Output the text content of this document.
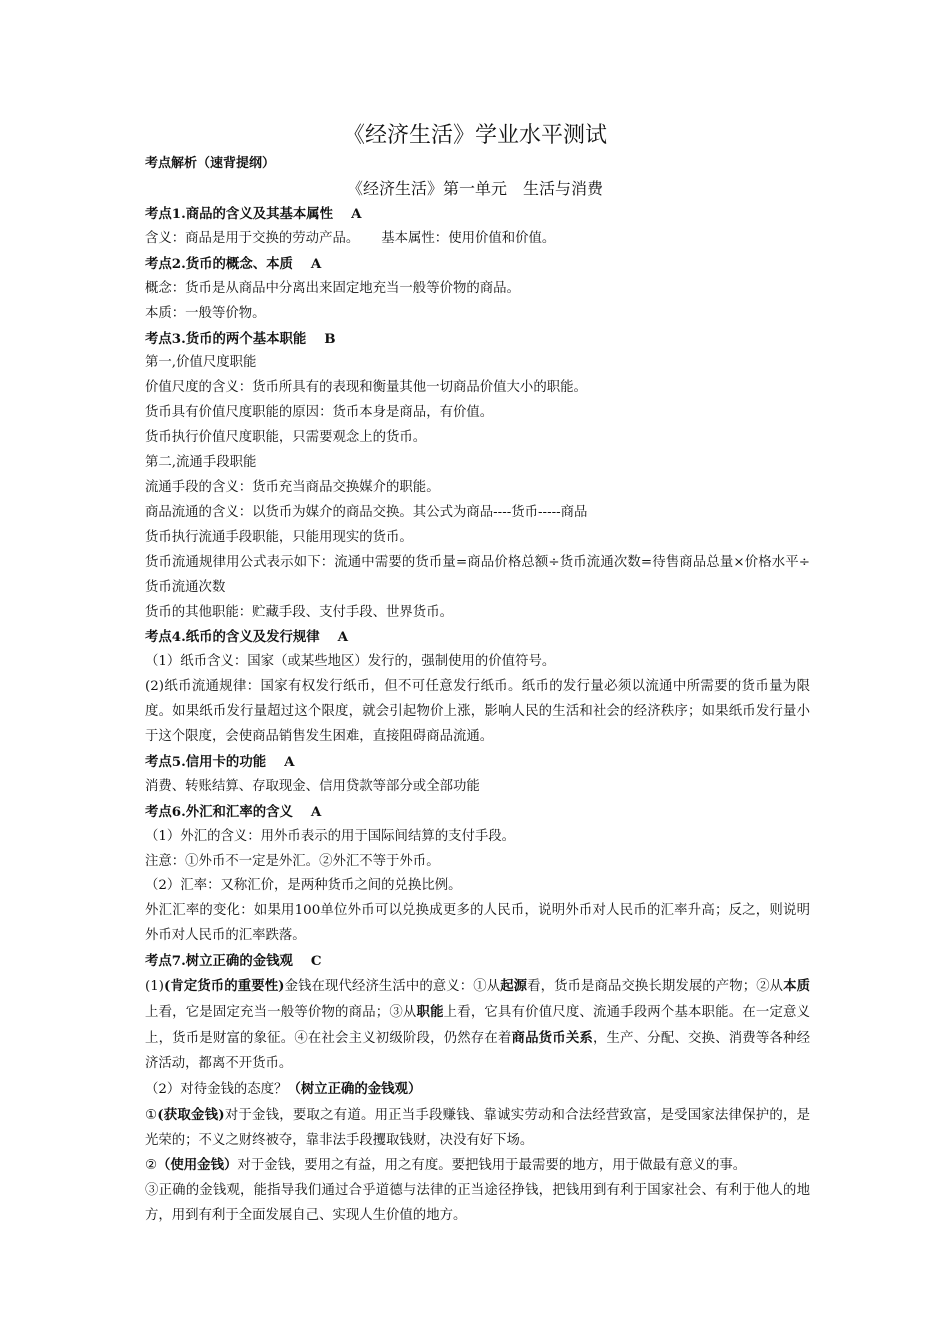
《经济生活》学业水平测试
考点解析（速背提纲）
《经济生活》第一单元　生活与消费

考点1.商品的含义及其基本属性 A

含义：商品是用于交换的劳动产品。 基本属性：使用价值和价值。

考点2.货币的概念、本质 A

概念：货币是从商品中分离出来固定地充当一般等价物的商品。

本质：一般等价物。

考点3.货币的两个基本职能 B

第一,价值尺度职能

价值尺度的含义：货币所具有的表现和衡量其他一切商品价值大小的职能。

货币具有价值尺度职能的原因：货币本身是商品，有价值。

货币执行价值尺度职能，只需要观念上的货币。

第二,流通手段职能

流通手段的含义：货币充当商品交换媒介的职能。

商品流通的含义：以货币为媒介的商品交换。其公式为商品----货币-----商品

货币执行流通手段职能，只能用现实的货币。

货币流通规律用公式表示如下：流通中需要的货币量=商品价格总额÷货币流通次数=待售商品总量×价格水平÷货币流通次数

货币的其他职能：贮藏手段、支付手段、世界货币。

考点4.纸币的含义及发行规律 A

（1）纸币含义：国家（或某些地区）发行的，强制使用的价值符号。

(2)纸币流通规律：国家有权发行纸币，但不可任意发行纸币。纸币的发行量必须以流通中所需要的货币量为限度。如果纸币发行量超过这个限度，就会引起物价上涨，影响人民的生活和社会的经济秩序；如果纸币发行量小于这个限度，会使商品销售发生困难，直接阻碍商品流通。

考点5.信用卡的功能 A

消费、转账结算、存取现金、信用贷款等部分或全部功能

考点6.外汇和汇率的含义 A

（1）外汇的含义：用外币表示的用于国际间结算的支付手段。

注意：①外币不一定是外汇。②外汇不等于外币。

（2）汇率：又称汇价，是两种货币之间的兑换比例。

外汇汇率的变化：如果用100单位外币可以兑换成更多的人民币，说明外币对人民币的汇率升高；反之，则说明外币对人民币的汇率跌落。

考点7.树立正确的金钱观 C

(1)(肯定货币的重要性)金钱在现代经济生活中的意义：①从起源看，货币是商品交换长期发展的产物；②从本质上看，它是固定充当一般等价物的商品；③从职能上看，它具有价值尺度、流通手段两个基本职能。在一定意义上，货币是财富的象征。④在社会主义初级阶段，仍然存在着商品货币关系，生产、分配、交换、消费等各种经济活动，都离不开货币。

（2）对待金钱的态度？（树立正确的金钱观）

①(获取金钱)对于金钱，要取之有道。用正当手段赚钱、靠诚实劳动和合法经营致富，是受国家法律保护的，是光荣的；不义之财终被夺，靠非法手段攫取钱财，决没有好下场。

②（使用金钱）对于金钱，要用之有益，用之有度。要把钱用于最需要的地方，用于做最有意义的事。

③正确的金钱观，能指导我们通过合乎道德与法律的正当途径挣钱，把钱用到有利于国家社会、有利于他人的地方，用到有利于全面发展自己、实现人生价值的地方。
